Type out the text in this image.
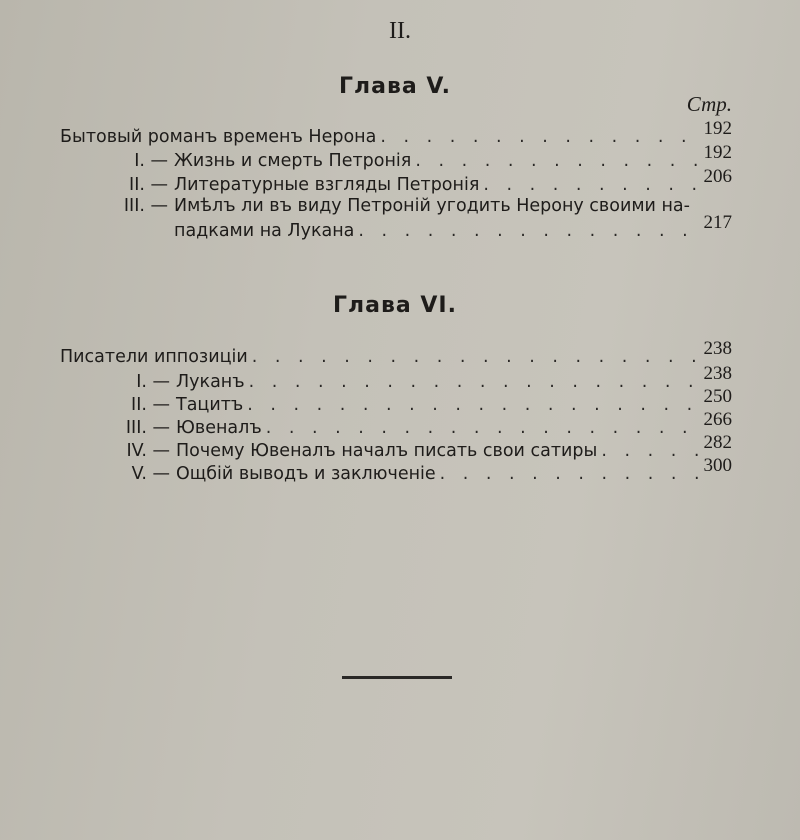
II.
Глава V.
Стр.
Бытовый романъ временъ Нерона . . .	192
I. — Жизнь и смерть Петронія . . .	192
II. — Литературные взгляды Петронія . . .	206
III. — Имѣлъ ли въ виду Петроній угодить Нерону своими на-
падками на Лукана . . .	217
Глава VI.
Писатели иппозиціи . . .	238
I. — Луканъ . . .	238
II. — Тацитъ . . .	250
III. — Ювеналъ . . .	266
IV. — Почему Ювеналъ началъ писать свои сатиры . . .	282
V. — Ощбій выводъ и заключеніе . . .	300
